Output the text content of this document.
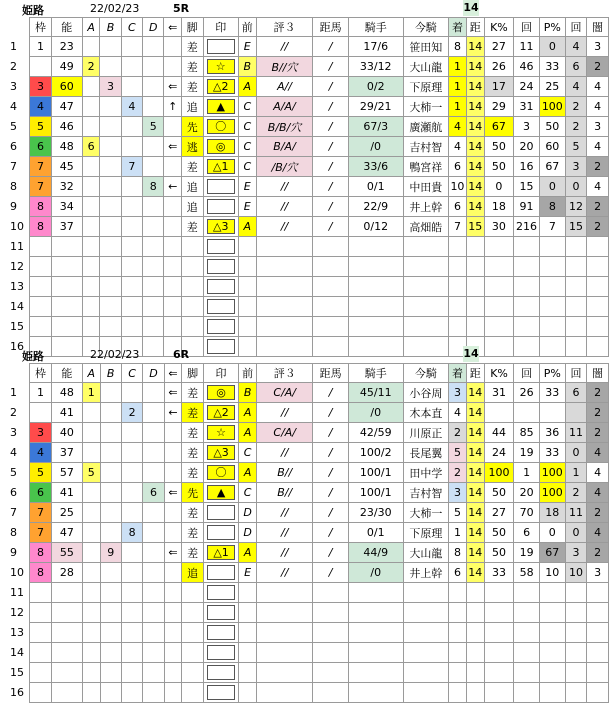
姫路	22/02/23	5R	14
	枠	能	A	B	C	D	⇐	脚	印	前	評３	距馬	騎手	今騎	着	距	K%	回	P%	回	闇
1	1	23						差		E	//	/	17/6	笹田知	8	14	27	11	0	4	3
2	2	49	2					差	☆	B	B//穴	/	33/12	大山龍	1	14	26	46	33	6	2
3	3	60		3			⇐	差	△2	A	A//	/	0/2	下原理	1	14	17	24	25	4	4
4	4	47			4		↑	追	▲	C	A/A/	/	29/21	大柿一	1	14	29	31	100	2	4
5	5	46				5		先	〇	C	B/B/穴	/	67/3	廣瀬航	4	14	67	3	50	2	3
6	6	48	6				⇐	逃	◎	C	B/A/	/	/0	吉村智	4	14	50	20	60	5	4
7	7	45			7			差	△1	C	/B/穴	/	33/6	鴨宮祥	6	14	50	16	67	3	2
8	7	32				8	←	追		E	//	/	0/1	中田貴	10	14	0	15	0	0	4
9	8	34						追		E	//	/	22/9	井上幹	6	14	18	91	8	12	2
10	8	37						差	△3	A	//	/	0/12	高畑皓	7	15	30	216	7	15	2
11									

12									

13									

14									

15									

16									

姫路	22/02/23	6R	14
	枠	能	A	B	C	D	⇐	脚	印	前	評３	距馬	騎手	今騎	着	距	K%	回	P%	回	闇
1	1	48	1				⇐	差	◎	B	C/A/	/	45/11	小谷周	3	14	31	26	33	6	2
2	2	41			2		←	差	△2	A	//	/	/0	木本直	4	14					2
3	3	40						差	☆	A	C/A/	/	42/59	川原正	2	14	44	85	36	11	2
4	4	37						差	△3	C	//	/	100/2	長尾翼	5	14	24	19	33	0	4
5	5	57	5					差	〇	A	B//	/	100/1	田中学	2	14	100	1	100	1	4
6	6	41				6	⇐	先	▲	C	B//	/	100/1	吉村智	3	14	50	20	100	2	4
7	7	25						差		D	//	/	23/30	大柿一	5	14	27	70	18	11	2
8	7	47			8			差		D	//	/	0/1	下原理	1	14	50	6	0	0	4
9	8	55		9			⇐	差	△1	A	//	/	44/9	大山龍	8	14	50	19	67	3	2
10	8	28						追		E	//	/	/0	井上幹	6	14	33	58	10	10	3
11									

12									

13									

14									

15									

16									
